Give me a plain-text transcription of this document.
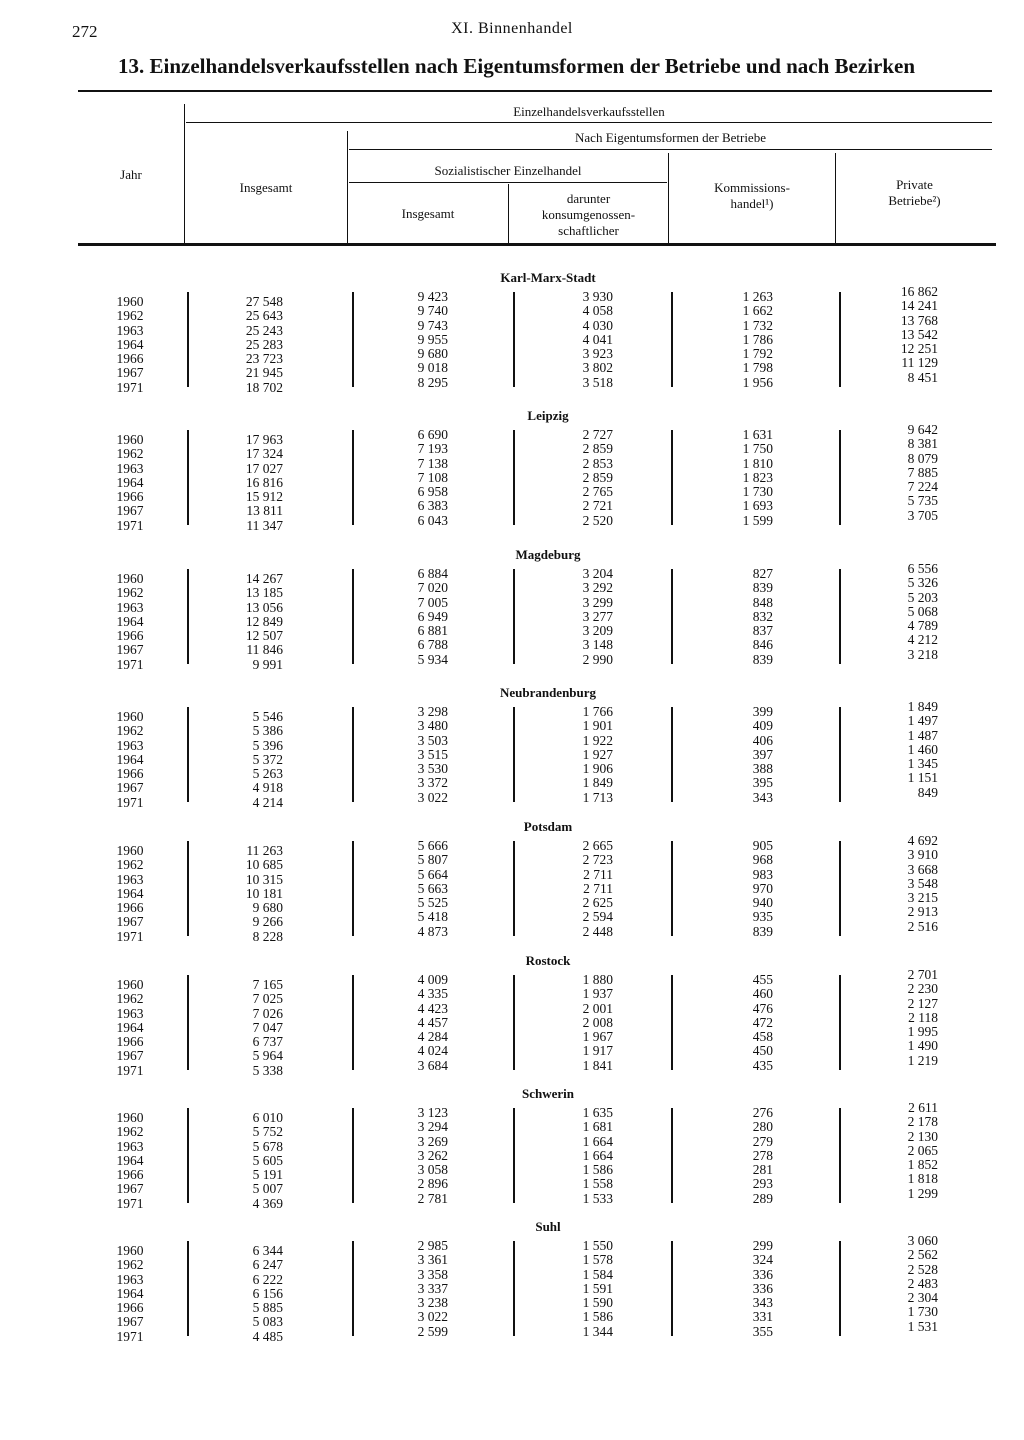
272	XI. Binnenhandel
13. Einzelhandelsverkaufsstellen nach Eigentumsformen der Betriebe und nach Bezirken
Jahr
Einzelhandelsverkaufsstellen
Insgesamt
Nach Eigentumsformen der Betriebe
Sozialistischer Einzelhandel
Insgesamt
darunter
konsumgenossen-
schaftlicher
Kommissions-
handel¹)
Private
Betriebe²)
Karl-Marx-Stadt
1960
1962
1963
1964
1966
1967
1971
27 548
25 643
25 243
25 283
23 723
21 945
18 702
9 423
9 740
9 743
9 955
9 680
9 018
8 295
3 930
4 058
4 030
4 041
3 923
3 802
3 518
1 263
1 662
1 732
1 786
1 792
1 798
1 956
16 862
14 241
13 768
13 542
12 251
11 129
8 451
Leipzig
1960
1962
1963
1964
1966
1967
1971
17 963
17 324
17 027
16 816
15 912
13 811
11 347
6 690
7 193
7 138
7 108
6 958
6 383
6 043
2 727
2 859
2 853
2 859
2 765
2 721
2 520
1 631
1 750
1 810
1 823
1 730
1 693
1 599
9 642
8 381
8 079
7 885
7 224
5 735
3 705
Magdeburg
1960
1962
1963
1964
1966
1967
1971
14 267
13 185
13 056
12 849
12 507
11 846
9 991
6 884
7 020
7 005
6 949
6 881
6 788
5 934
3 204
3 292
3 299
3 277
3 209
3 148
2 990
827
839
848
832
837
846
839
6 556
5 326
5 203
5 068
4 789
4 212
3 218
Neubrandenburg
1960
1962
1963
1964
1966
1967
1971
5 546
5 386
5 396
5 372
5 263
4 918
4 214
3 298
3 480
3 503
3 515
3 530
3 372
3 022
1 766
1 901
1 922
1 927
1 906
1 849
1 713
399
409
406
397
388
395
343
1 849
1 497
1 487
1 460
1 345
1 151
849
Potsdam
1960
1962
1963
1964
1966
1967
1971
11 263
10 685
10 315
10 181
9 680
9 266
8 228
5 666
5 807
5 664
5 663
5 525
5 418
4 873
2 665
2 723
2 711
2 711
2 625
2 594
2 448
905
968
983
970
940
935
839
4 692
3 910
3 668
3 548
3 215
2 913
2 516
Rostock
1960
1962
1963
1964
1966
1967
1971
7 165
7 025
7 026
7 047
6 737
5 964
5 338
4 009
4 335
4 423
4 457
4 284
4 024
3 684
1 880
1 937
2 001
2 008
1 967
1 917
1 841
455
460
476
472
458
450
435
2 701
2 230
2 127
2 118
1 995
1 490
1 219
Schwerin
1960
1962
1963
1964
1966
1967
1971
6 010
5 752
5 678
5 605
5 191
5 007
4 369
3 123
3 294
3 269
3 262
3 058
2 896
2 781
1 635
1 681
1 664
1 664
1 586
1 558
1 533
276
280
279
278
281
293
289
2 611
2 178
2 130
2 065
1 852
1 818
1 299
Suhl
1960
1962
1963
1964
1966
1967
1971
6 344
6 247
6 222
6 156
5 885
5 083
4 485
2 985
3 361
3 358
3 337
3 238
3 022
2 599
1 550
1 578
1 584
1 591
1 590
1 586
1 344
299
324
336
336
343
331
355
3 060
2 562
2 528
2 483
2 304
1 730
1 531
